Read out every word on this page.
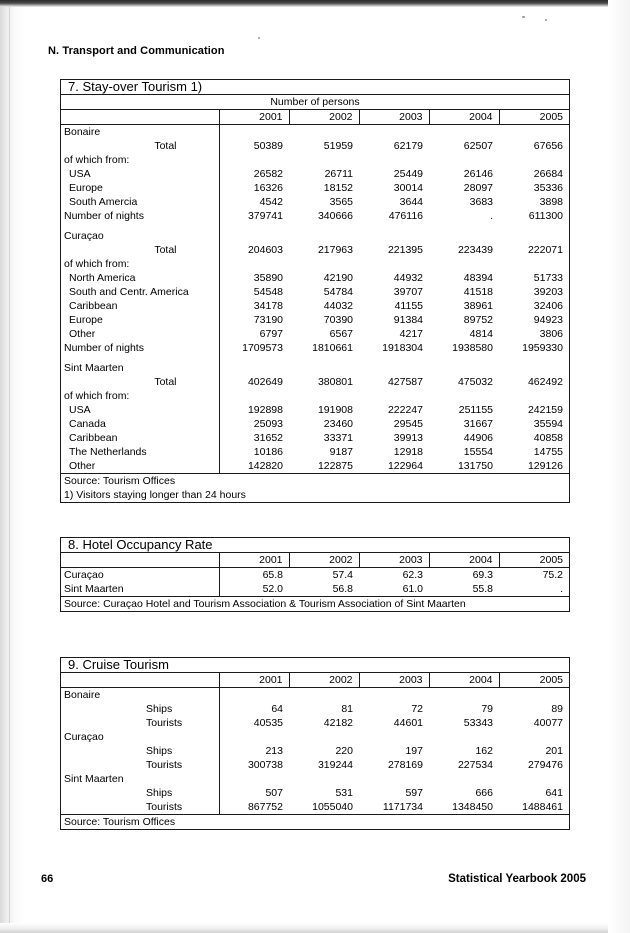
N. Transport and Communication
7. Stay-over Tourism 1)					
Number of persons					
	2001	2002	2003	2004	2005
Bonaire					
Total	50389	51959	62179	62507	67656
of which from:					
USA	26582	26711	25449	26146	26684
Europe	16326	18152	30014	28097	35336
South Amercia	4542	3565	3644	3683	3898
Number of nights	379741	340666	476116	.	611300

Curaçao					
Total	204603	217963	221395	223439	222071
of which from:					
North America	35890	42190	44932	48394	51733
South and Centr. America	54548	54784	39707	41518	39203
Caribbean	34178	44032	41155	38961	32406
Europe	73190	70390	91384	89752	94923
Other	6797	6567	4217	4814	3806
Number of nights	1709573	1810661	1918304	1938580	1959330

Sint Maarten					
Total	402649	380801	427587	475032	462492
of which from:					
USA	192898	191908	222247	251155	242159
Canada	25093	23460	29545	31667	35594
Caribbean	31652	33371	39913	44906	40858
The Netherlands	10186	9187	12918	15554	14755
Other	142820	122875	122964	131750	129126
Source: Tourism Offices					
1) Visitors staying longer than 24 hours					
8. Hotel Occupancy Rate					
	2001	2002	2003	2004	2005
Curaçao	65.8	57.4	62.3	69.3	75.2
Sint Maarten	52.0	56.8	61.0	55.8	.
Source: Curaçao Hotel and Tourism Association & Tourism Association of Sint Maarten					
9. Cruise Tourism					
	2001	2002	2003	2004	2005
Bonaire					
Ships	64	81	72	79	89
Tourists	40535	42182	44601	53343	40077
Curaçao					
Ships	213	220	197	162	201
Tourists	300738	319244	278169	227534	279476
Sint Maarten					
Ships	507	531	597	666	641
Tourists	867752	1055040	1171734	1348450	1488461
Source: Tourism Offices					
66	Statistical Yearbook 2005
